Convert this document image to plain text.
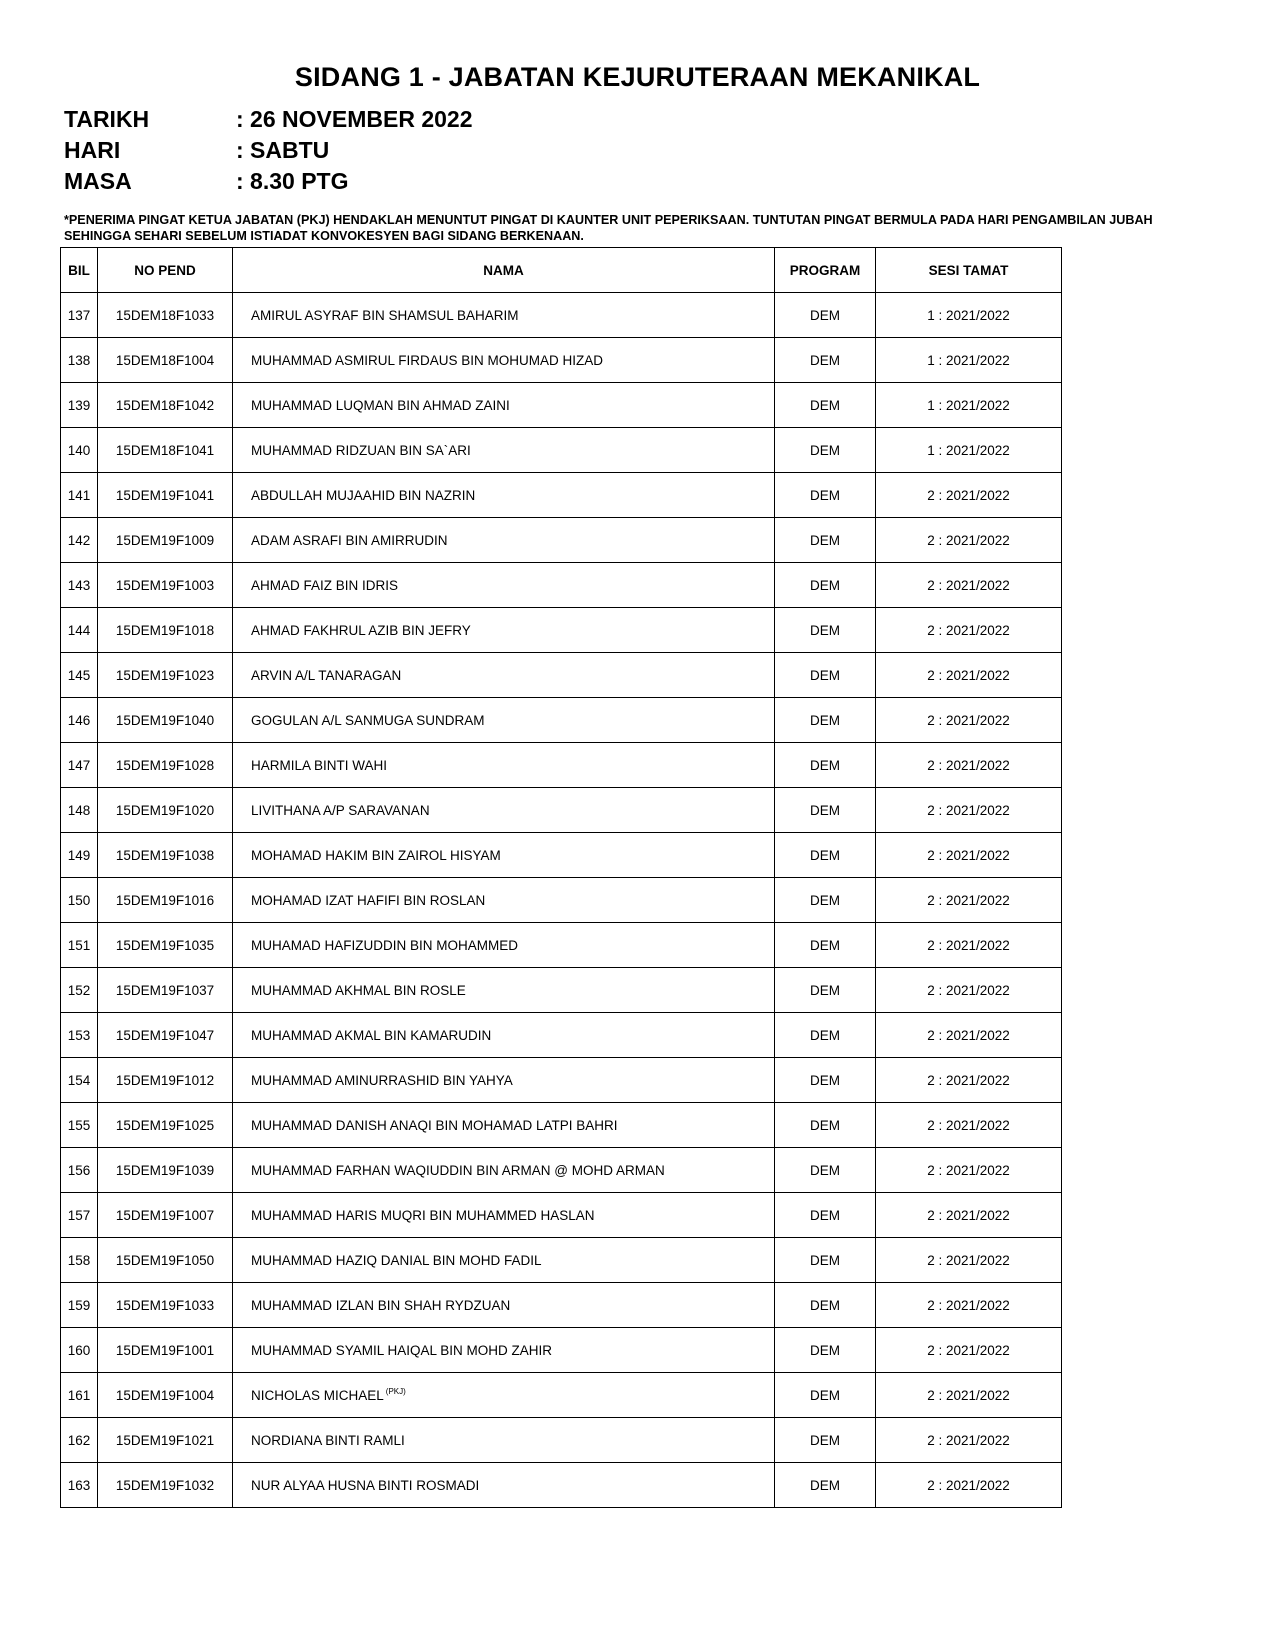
SIDANG 1 - JABATAN KEJURUTERAAN MEKANIKAL
TARIKH	: 26 NOVEMBER 2022
HARI	: SABTU
MASA	: 8.30 PTG
*PENERIMA PINGAT KETUA JABATAN (PKJ) HENDAKLAH MENUNTUT PINGAT DI KAUNTER UNIT PEPERIKSAAN. TUNTUTAN PINGAT BERMULA PADA HARI PENGAMBILAN JUBAH SEHINGGA SEHARI SEBELUM ISTIADAT KONVOKESYEN BAGI SIDANG BERKENAAN.
BIL	NO PEND	NAMA	PROGRAM	SESI TAMAT
137	15DEM18F1033	AMIRUL ASYRAF BIN SHAMSUL BAHARIM	DEM	1 : 2021/2022
138	15DEM18F1004	MUHAMMAD ASMIRUL FIRDAUS BIN MOHUMAD HIZAD	DEM	1 : 2021/2022
139	15DEM18F1042	MUHAMMAD LUQMAN BIN AHMAD ZAINI	DEM	1 : 2021/2022
140	15DEM18F1041	MUHAMMAD RIDZUAN BIN SA`ARI	DEM	1 : 2021/2022
141	15DEM19F1041	ABDULLAH MUJAAHID BIN NAZRIN	DEM	2 : 2021/2022
142	15DEM19F1009	ADAM ASRAFI BIN AMIRRUDIN	DEM	2 : 2021/2022
143	15DEM19F1003	AHMAD FAIZ BIN IDRIS	DEM	2 : 2021/2022
144	15DEM19F1018	AHMAD FAKHRUL AZIB BIN JEFRY	DEM	2 : 2021/2022
145	15DEM19F1023	ARVIN A/L TANARAGAN	DEM	2 : 2021/2022
146	15DEM19F1040	GOGULAN A/L SANMUGA SUNDRAM	DEM	2 : 2021/2022
147	15DEM19F1028	HARMILA BINTI WAHI	DEM	2 : 2021/2022
148	15DEM19F1020	LIVITHANA A/P SARAVANAN	DEM	2 : 2021/2022
149	15DEM19F1038	MOHAMAD HAKIM BIN ZAIROL HISYAM	DEM	2 : 2021/2022
150	15DEM19F1016	MOHAMAD IZAT HAFIFI BIN ROSLAN	DEM	2 : 2021/2022
151	15DEM19F1035	MUHAMAD HAFIZUDDIN BIN MOHAMMED	DEM	2 : 2021/2022
152	15DEM19F1037	MUHAMMAD AKHMAL BIN ROSLE	DEM	2 : 2021/2022
153	15DEM19F1047	MUHAMMAD AKMAL BIN KAMARUDIN	DEM	2 : 2021/2022
154	15DEM19F1012	MUHAMMAD AMINURRASHID BIN YAHYA	DEM	2 : 2021/2022
155	15DEM19F1025	MUHAMMAD DANISH ANAQI BIN MOHAMAD LATPI BAHRI	DEM	2 : 2021/2022
156	15DEM19F1039	MUHAMMAD FARHAN WAQIUDDIN BIN ARMAN @ MOHD ARMAN	DEM	2 : 2021/2022
157	15DEM19F1007	MUHAMMAD HARIS MUQRI BIN MUHAMMED HASLAN	DEM	2 : 2021/2022
158	15DEM19F1050	MUHAMMAD HAZIQ DANIAL BIN MOHD FADIL	DEM	2 : 2021/2022
159	15DEM19F1033	MUHAMMAD IZLAN BIN SHAH RYDZUAN	DEM	2 : 2021/2022
160	15DEM19F1001	MUHAMMAD SYAMIL HAIQAL BIN MOHD ZAHIR	DEM	2 : 2021/2022
161	15DEM19F1004	NICHOLAS MICHAEL $^{(PKJ)}$	DEM	2 : 2021/2022
162	15DEM19F1021	NORDIANA BINTI RAMLI	DEM	2 : 2021/2022
163	15DEM19F1032	NUR ALYAA HUSNA BINTI ROSMADI	DEM	2 : 2021/2022
